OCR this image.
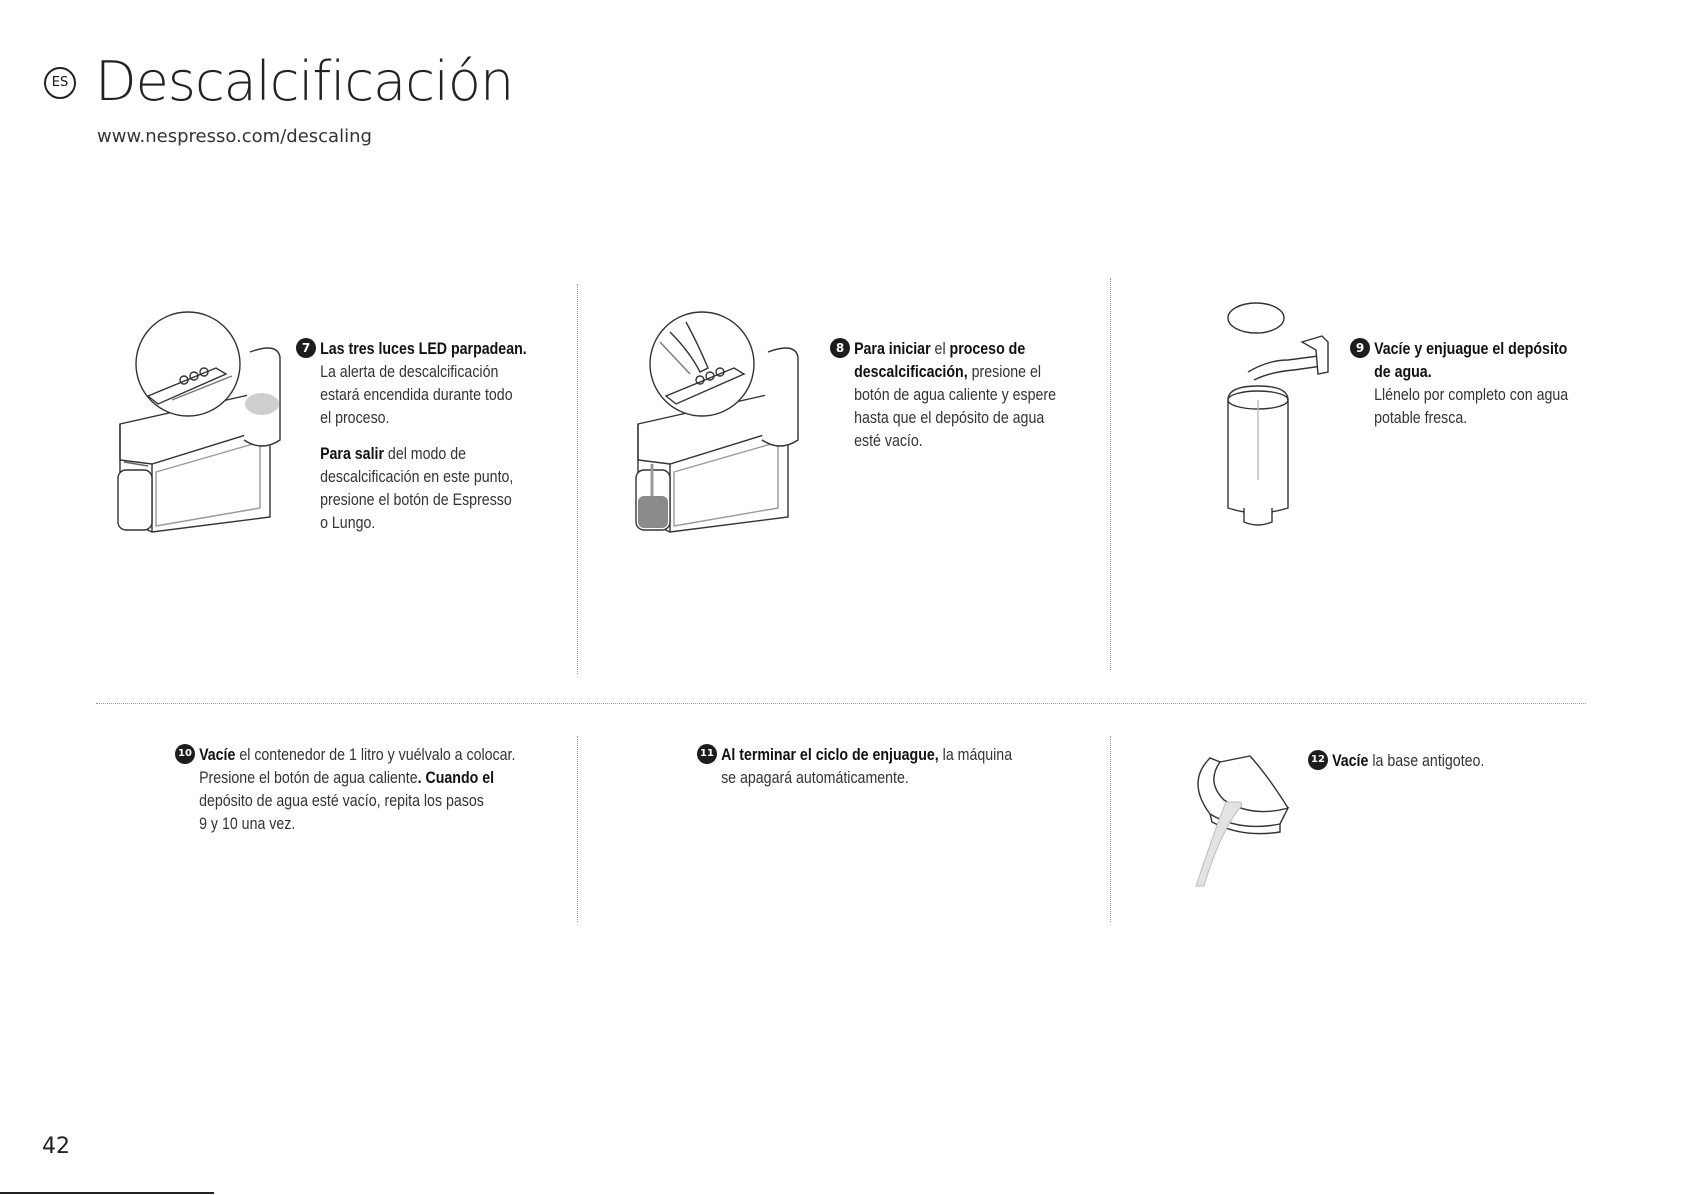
ES Descalcificación
www.nespresso.com/descaling
7 Las tres luces LED parpadean.
La alerta de descalcificación
estará encendida durante todo
el proceso.

Para salir del modo de
descalcificación en este punto,
presione el botón de Espresso
o Lungo.

8 Para iniciar el proceso de
descalcificación, presione el
botón de agua caliente y espere
hasta que el depósito de agua
esté vacío.

9 Vacíe y enjuague el depósito
de agua.
Llénelo por completo con agua
potable fresca.

10 Vacíe el contenedor de 1 litro y vuélvalo a colocar.
Presione el botón de agua caliente. Cuando el
depósito de agua esté vacío, repita los pasos
9 y 10 una vez.

11 Al terminar el ciclo de enjuague, la máquina
se apagará automáticamente.

12 Vacíe la base antigoteo.

42
